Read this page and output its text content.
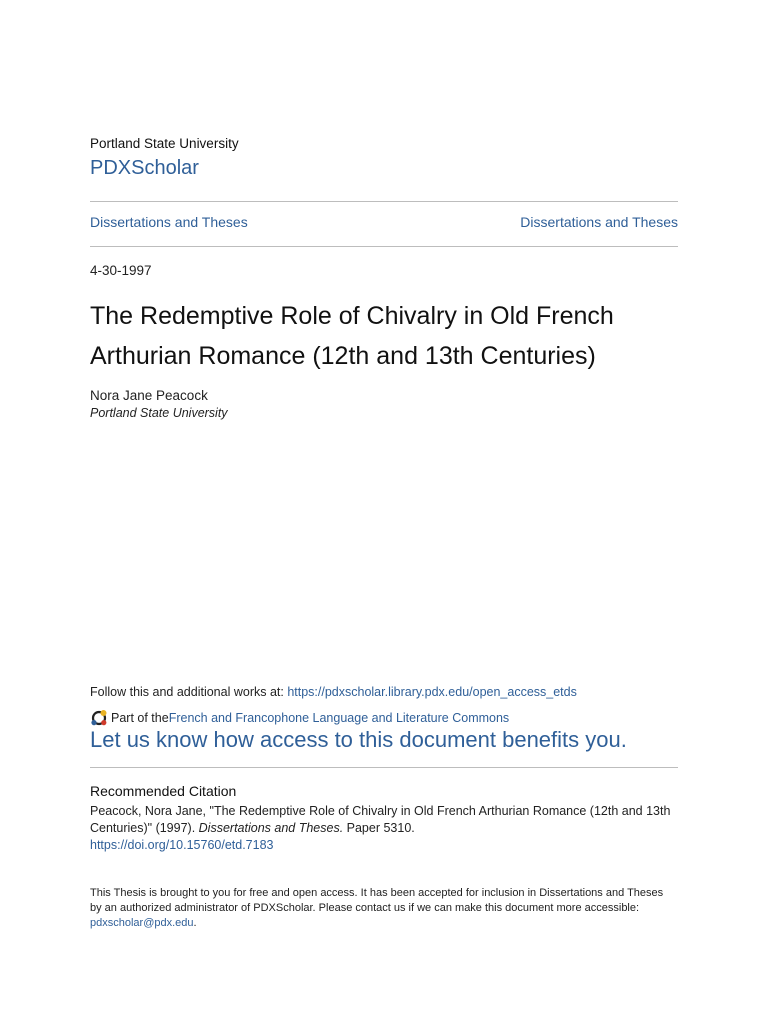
Portland State University
PDXScholar
Dissertations and Theses	Dissertations and Theses
4-30-1997
The Redemptive Role of Chivalry in Old French Arthurian Romance (12th and 13th Centuries)
Nora Jane Peacock
Portland State University
Follow this and additional works at: https://pdxscholar.library.pdx.edu/open_access_etds
Part of the French and Francophone Language and Literature Commons
Let us know how access to this document benefits you.
Recommended Citation
Peacock, Nora Jane, "The Redemptive Role of Chivalry in Old French Arthurian Romance (12th and 13th Centuries)" (1997). Dissertations and Theses. Paper 5310.
https://doi.org/10.15760/etd.7183
This Thesis is brought to you for free and open access. It has been accepted for inclusion in Dissertations and Theses by an authorized administrator of PDXScholar. Please contact us if we can make this document more accessible: pdxscholar@pdx.edu.
